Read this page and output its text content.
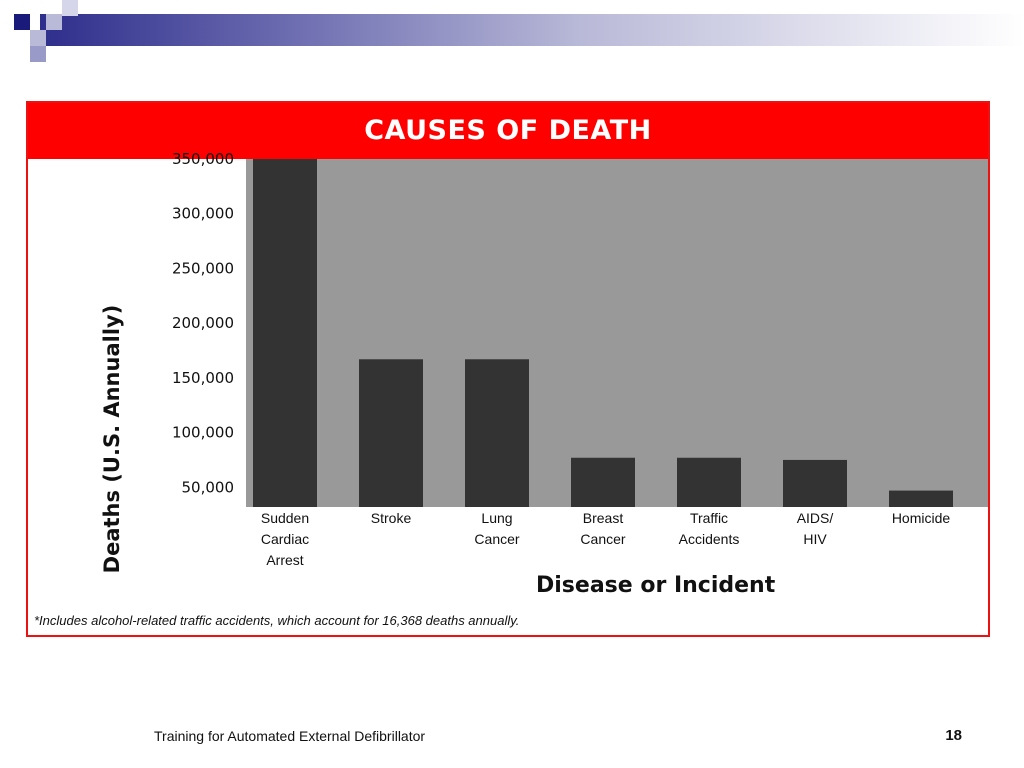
CAUSES OF DEATH
350,000
300,000
250,000
200,000
150,000
100,000
50,000
Sudden Cardiac Arrest
Stroke	Lung Cancer
Breast Cancer
Traffic Accidents
AIDS/ HIV
Homicide
Deaths (U.S. Annually)
Disease or Incident
*Includes alcohol-related traffic accidents, which account for 16,368 deaths annually.
Training for Automated External Defibrillator	18
